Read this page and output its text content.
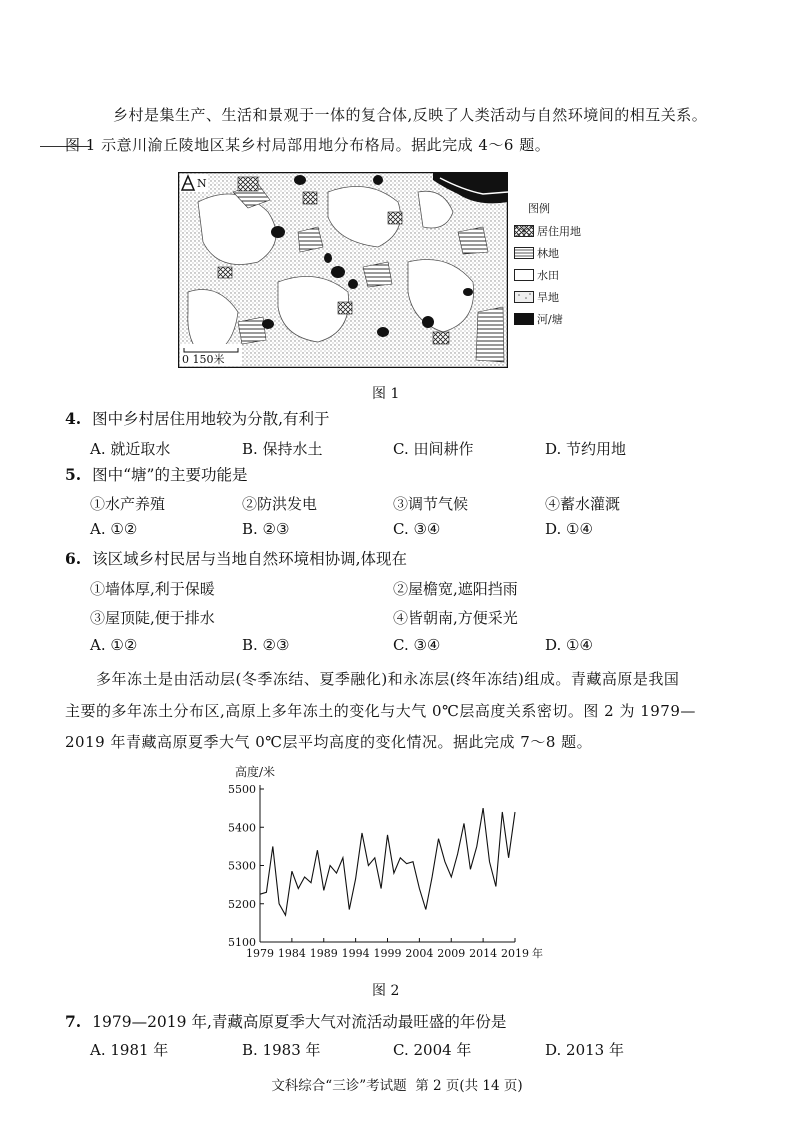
乡村是集生产、生活和景观于一体的复合体,反映了人类活动与自然环境间的相互关系。
图 1 示意川渝丘陵地区某乡村局部用地分布格局。据此完成 4～6 题。
N
0 150米
图例
居住用地
林地
水田
旱地
河/塘
图 1
4. 图中乡村居住用地较为分散,有利于
A. 就近取水	B. 保持水土	C. 田间耕作	D. 节约用地
5. 图中“塘”的主要功能是
①水产养殖	②防洪发电	③调节气候	④蓄水灌溉
A. ①②	B. ②③	C. ③④	D. ①④
6. 该区域乡村民居与当地自然环境相协调,体现在
①墙体厚,利于保暖	②屋檐宽,遮阳挡雨
③屋顶陡,便于排水	④皆朝南,方便采光
A. ①②	B. ②③	C. ③④	D. ①④
多年冻土是由活动层(冬季冻结、夏季融化)和永冻层(终年冻结)组成。青藏高原是我国
主要的多年冻土分布区,高原上多年冻土的变化与大气 0℃层高度关系密切。图 2 为 1979—
2019 年青藏高原夏季大气 0℃层平均高度的变化情况。据此完成 7～8 题。
高度/米
5100
5200
5300
5400
5500
1979 1984 1989 1994 1999 2004 2009 2014 2019 年
图 2
7. 1979—2019 年,青藏高原夏季大气对流活动最旺盛的年份是
A. 1981 年	B. 1983 年	C. 2004 年	D. 2013 年
文科综合“三诊”考试题  第 2 页(共 14 页)
